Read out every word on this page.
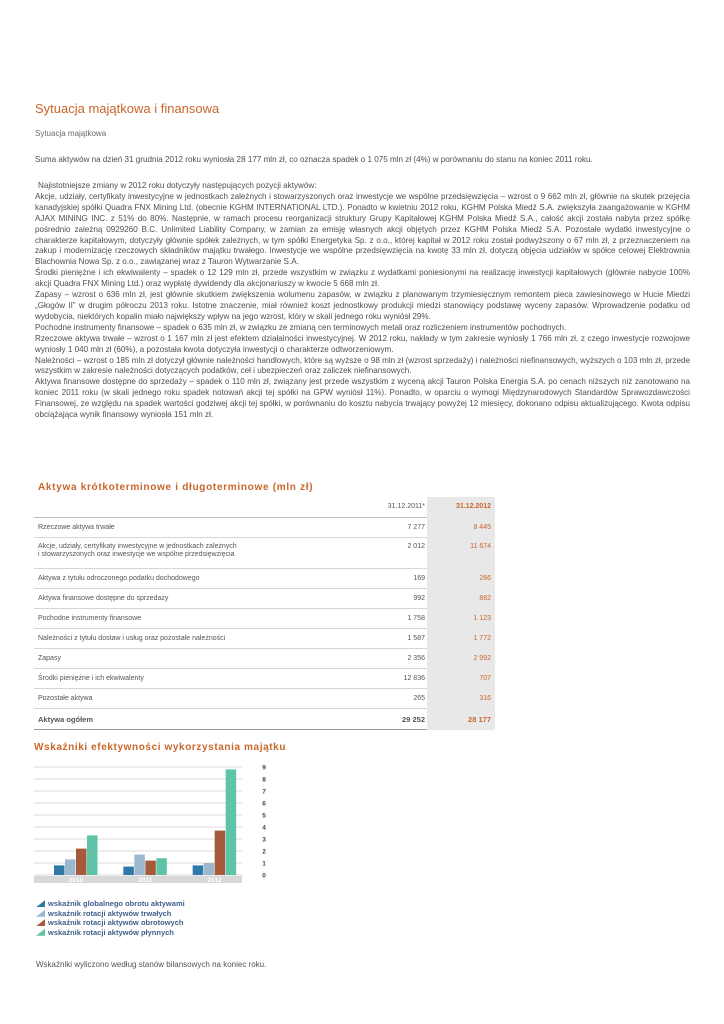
Sytuacja majątkowa i finansowa
Sytuacja majątkowa

Suma aktywów na dzień 31 grudnia 2012 roku wyniosła 28 177 mln zł, co oznacza spadek o 1 075 mln zł (4%) w porównaniu do stanu na koniec 2011 roku.

Najistotniejsze zmiany w 2012 roku dotyczyły następujących pozycji aktywów:

Akcje, udziały, certyfikaty inwestycyjne w jednostkach zależnych i stowarzyszonych oraz inwestycje we wspólne przedsięwzięcia – wzrost o 9 662 mln zł, głównie na skutek przejęcia kanadyjskiej spółki Quadra FNX Mining Ltd. (obecnie KGHM INTERNATIONAL LTD.). Ponadto w kwietniu 2012 roku, KGHM Polska Miedź S.A. zwiększyła zaangażowanie w KGHM AJAX MINING INC. z 51% do 80%. Następnie, w ramach procesu reorganizacji struktury Grupy Kapitałowej KGHM Polska Miedź S.A., całość akcji została nabyta przez spółkę pośrednio zależną 0929260 B.C. Unlimited Liability Company, w zamian za emisję własnych akcji objętych przez KGHM Polska Miedź S.A. Pozostałe wydatki inwestycyjne o charakterze kapitałowym, dotyczyły głównie spółek zależnych, w tym spółki Energetyka Sp. z o.o., której kapitał w 2012 roku został podwyższony o 67 mln zł, z przeznaczeniem na zakup i modernizację rzeczowych składników majątku trwałego. Inwestycje we wspólne przedsięwzięcia na kwotę 33 mln zł, dotyczą objęcia udziałów w spółce celowej Elektrownia Blachownia Nowa Sp. z o.o., zawiązanej wraz z Tauron Wytwarzanie S.A.

Środki pieniężne i ich ekwiwalenty – spadek o 12 129 mln zł, przede wszystkim w związku z wydatkami poniesionymi na realizację inwestycji kapitałowych (głównie nabycie 100% akcji Quadra FNX Mining Ltd.) oraz wypłatę dywidendy dla akcjonariuszy w kwocie 5 668 mln zł.

Zapasy – wzrost o 636 mln zł, jest głównie skutkiem zwiększenia wolumenu zapasów, w związku z planowanym trzymiesięcznym remontem pieca zawiesinowego w Hucie Miedzi „Głogów II” w drugim półroczu 2013 roku. Istotne znaczenie, miał również koszt jednostkowy produkcji miedzi stanowiący podstawę wyceny zapasów. Wprowadzenie podatku od wydobycia, niektórych kopalin miało największy wpływ na jego wzrost, który w skali jednego roku wyniósł 29%.

Pochodne instrumenty finansowe – spadek o 635 mln zł, w związku ze zmianą cen terminowych metali oraz rozliczeniem instrumentów pochodnych.

Rzeczowe aktywa trwałe – wzrost o 1 167 mln zł jest efektem działalności inwestycyjnej. W 2012 roku, nakłady w tym zakresie wyniosły 1 766 mln zł, z czego inwestycje rozwojowe wyniosły 1 040 mln zł (60%), a pozostała kwota dotyczyła inwestycji o charakterze odtworzeniowym.

Należności – wzrost o 185 mln zł dotyczył głównie należności handlowych, które są wyższe o 98 mln zł (wzrost sprzedaży) i należności niefinansowych, wyższych o 103 mln zł, przede wszystkim w zakresie należności dotyczących podatków, ceł i ubezpieczeń oraz zaliczek niefinansowych.

Aktywa finansowe dostępne do sprzedaży – spadek o 110 mln zł, związany jest przede wszystkim z wyceną akcji Tauron Polska Energia S.A. po cenach niższych niż zanotowano na koniec 2011 roku (w skali jednego roku spadek notowań akcji tej spółki na GPW wyniósł 11%). Ponadto, w oparciu o wymogi Międzynarodowych Standardów Sprawozdawczości Finansowej, ze względu na spadek wartości godziwej akcji tej spółki, w porównaniu do kosztu nabycia trwający powyżej 12 miesięcy, dokonano odpisu aktualizującego. Kwota odpisu obciążająca wynik finansowy wyniosła 151 mln zł.

Aktywa krótkoterminowe i długoterminowe (mln zł)
31.12.2011*	31.12.2012
Rzeczowe aktywa trwałe	7 277	8 445
Akcje, udziały, certyfikaty inwestycyjne w jednostkach zależnych
i stowarzyszonych oraz inwestycje we wspólne przedsięwzięcia
2 012	11 674
Aktywa z tytułu odroczonego podatku dochodowego	169	266
Aktywa finansowe dostępne do sprzedaży	992	882
Pochodne instrumenty finansowe	1 758	1 123
Należności z tytułu dostaw i usług oraz pozostałe należności	1 587	1 772
Zapasy	2 356	2 992
Środki pieniężne i ich ekwiwalenty	12 836	707
Pozostałe aktywa	265	316
Aktywa ogółem	29 252	28 177
Wskaźniki efektywności wykorzystania majątku
0
1
2
3
4
5
6
7
8
9
2010	2011	2012
wskaźnik globalnego obrotu aktywami
wskaźnik rotacji aktywów trwałych
wskaźnik rotacji aktywów obrotowych
wskaźnik rotacji aktywów płynnych
Wskaźniki wyliczono według stanów bilansowych na koniec roku.
